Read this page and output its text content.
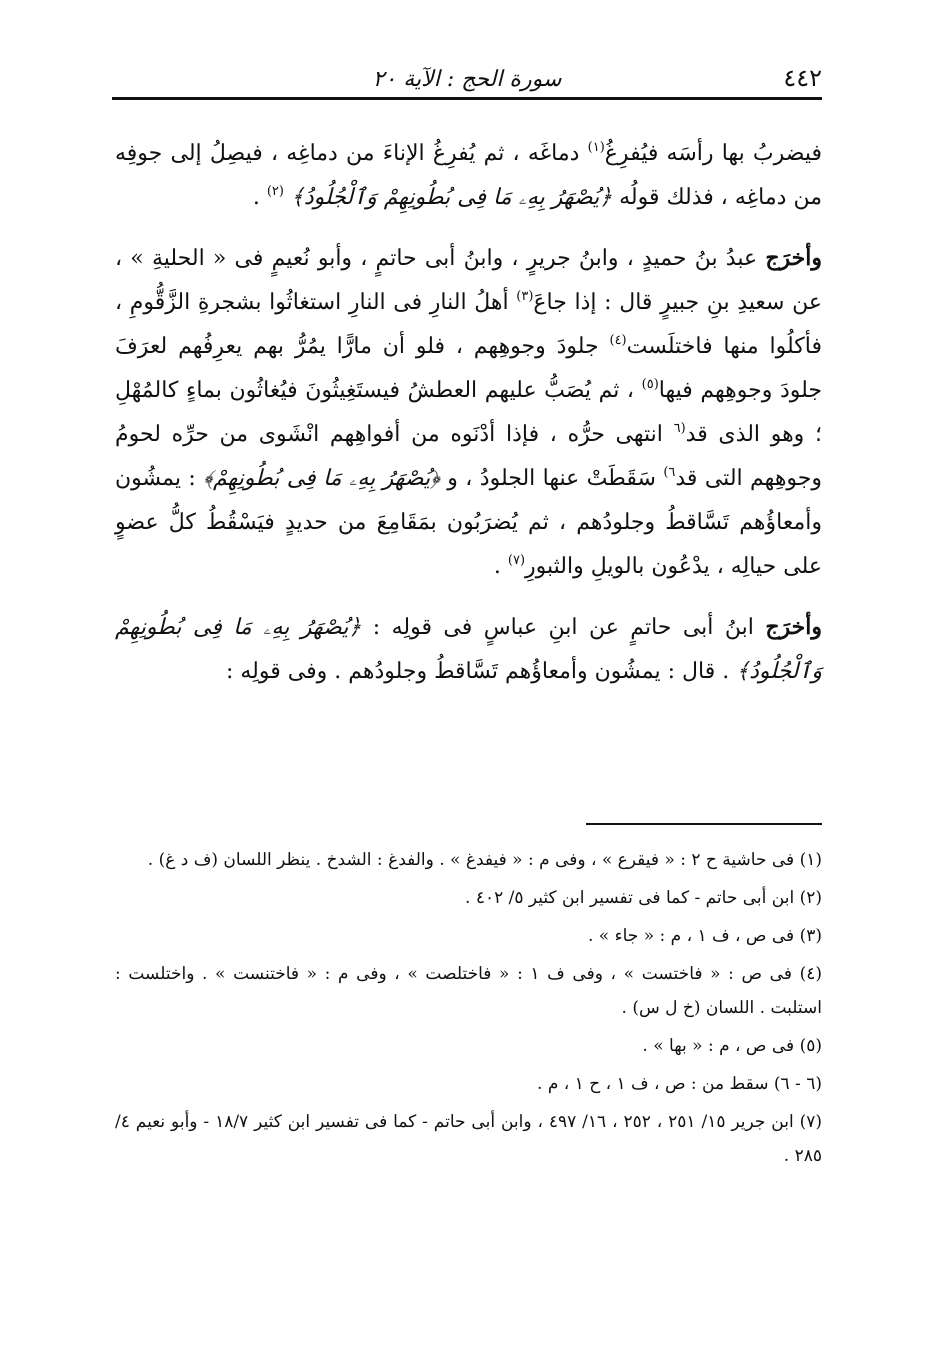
٤٤٢
سورة الحج : الآية ٢٠

فيضربُ بها رأسَه فيُفرِغُ$^{(١)}$ دماغَه ، ثم يُفرِغُ الإناءَ من دماغِه ، فيصِلُ إلى جوفِه من دماغِه ، فذلك قولُه ﴿يُصْهَرُ بِهِۦ مَا فِى بُطُونِهِمْ وَٱلْجُلُودُ﴾ $^{(٢)}$ .

وأخرَج عبدُ بنُ حميدٍ ، وابنُ جريرٍ ، وابنُ أبى حاتمٍ ، وأبو نُعيمٍ فى « الحليةِ » ، عن سعيدِ بنِ جبيرٍ قال : إذا جاعَ$^{(٣)}$ أهلُ النارِ فى النارِ استغاثُوا بشجرةِ الزَّقُّومِ ، فأكلُوا منها فاختلَست$^{(٤)}$ جلودَ وجوهِهم ، فلو أن مارًّا يمُرُّ بهم يعرِفُهم لعرَفَ جلودَ وجوهِهم فيها$^{(٥)}$ ، ثم يُصَبُّ عليهم العطشُ فيستَغِيثُونَ فيُغاثُون بماءٍ كالمُهْلِ ؛ وهو الذى قد$^{(٦}$ انتهى حرُّه ، فإذا أدْنَوه من أفواهِهم انْشَوى من حرِّه لحومُ وجوهِهم التى قد$^{٦)}$ سَقَطَتْ عنها الجلودُ ، و ﴿يُصْهَرُ بِهِۦ مَا فِى بُطُونِهِمْ﴾ : يمشُون وأمعاؤُهم تَسَّاقطُ وجلودُهم ، ثم يُضرَبُون بمَقَامِعَ من حديدٍ فيَسْقُطُ كلُّ عضوٍ على حيالِه ، يدْعُون بالويلِ والثبورِ$^{(٧)}$ .

وأخرَج ابنُ أبى حاتمٍ عن ابنِ عباسٍ فى قولِه : ﴿يُصْهَرُ بِهِۦ مَا فِى بُطُونِهِمْ وَٱلْجُلُودُ﴾ . قال : يمشُون وأمعاؤُهم تَسَّاقطُ وجلودُهم . وفى قولِه :

(١) فى حاشية ح ٢ : « فيقرع » ، وفى م : « فيفدغ » . والفدغ : الشدخ . ينظر اللسان (ف د غ) .
(٢) ابن أبى حاتم - كما فى تفسير ابن كثير ٥/ ٤٠٢ .
(٣) فى ص ، ف ١ ، م : « جاء » .
(٤) فى ص : « فاختست » ، وفى ف ١ : « فاختلصت » ، وفى م : « فاختنست » . واختلست : استلبت . اللسان (خ ل س) .
(٥) فى ص ، م : « بها » .
(٦ - ٦) سقط من : ص ، ف ١ ، ح ١ ، م .
(٧) ابن جرير ١٥/ ٢٥١ ، ٢٥٢ ، ١٦/ ٤٩٧ ، وابن أبى حاتم - كما فى تفسير ابن كثير ١٨/٧ - وأبو نعيم ٤/ ٢٨٥ .
